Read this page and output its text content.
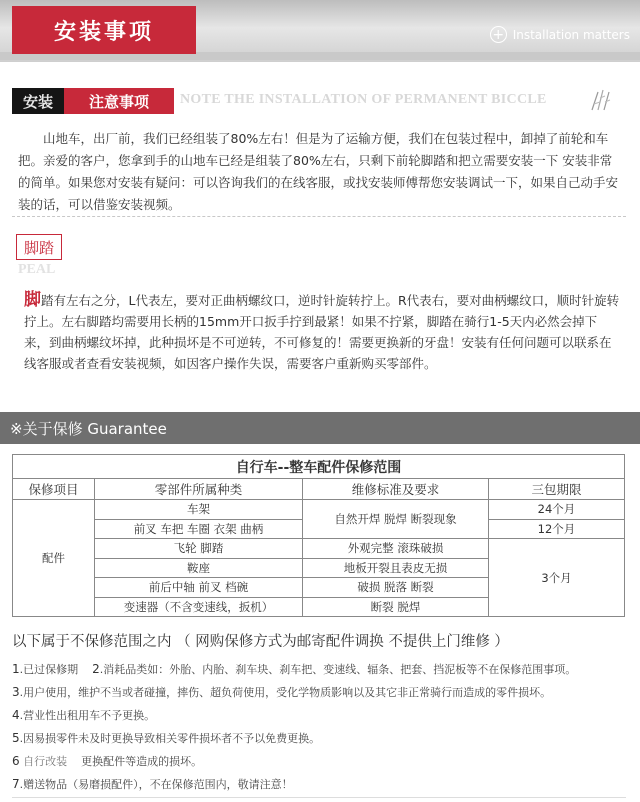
安装事项	+ Installation matters
安装	注意事项	NOTE THE INSTALLATION OF PERMANENT BICCLE

山地车，出厂前，我们已经组装了80%左右！但是为了运输方便，我们在包装过程中，卸掉了前轮和车把。亲爱的客户，您拿到手的山地车已经是组装了80%左右，只剩下前轮脚踏和把立需要安装一下 安装非常的简单。如果您对安装有疑问：可以咨询我们的在线客服，或找安装师傅帮您安装调试一下，如果自己动手安装的话，可以借鉴安装视频。

脚踏
PEAL

脚踏有左右之分，L代表左，要对正曲柄螺纹口，逆时针旋转拧上。R代表右，要对曲柄螺纹口，顺时针旋转拧上。左右脚踏均需要用长柄的15mm开口扳手拧到最紧！如果不拧紧，脚踏在骑行1-5天内必然会掉下来，到曲柄螺纹坏掉，此种损坏是不可逆转，不可修复的！需要更换新的牙盘！安装有任何问题可以联系在线客服或者查看安装视频，如因客户操作失误，需要客户重新购买零部件。

※关于保修 Guarantee
自行车--整车配件保修范围			
保修项目	零部件所属种类	维修标准及要求	三包期限
配件	车架	自然开焊 脱焊 断裂现象	24个月
	前叉 车把 车圈 衣架 曲柄		12个月
	飞轮 脚踏	外观完整 滚珠破损	3个月
	鞍座	地板开裂且表皮无损	
	前后中轴 前叉 档碗	破损 脱落 断裂	
	变速器（不含变速线，扳机）	断裂 脱焊	
以下属于不保修范围之内 （ 网购保修方式为邮寄配件调换 不提供上门维修 ）
1.已过保修期 2.消耗品类如：外胎、内胎、刹车块、刹车把、变速线、辐条、把套、挡泥板等不在保修范围事项。
3.用户使用，维护不当或者碰撞，摔伤、超负荷使用，受化学物质影响以及其它非正常骑行而造成的零件损坏。
4.营业性出租用车不予更换。
5.因易损零件未及时更换导致相关零件损坏者不予以免费更换。
6 自行改装 更换配件等造成的损坏。
7.赠送物品（易磨损配件），不在保修范围内，敬请注意！
